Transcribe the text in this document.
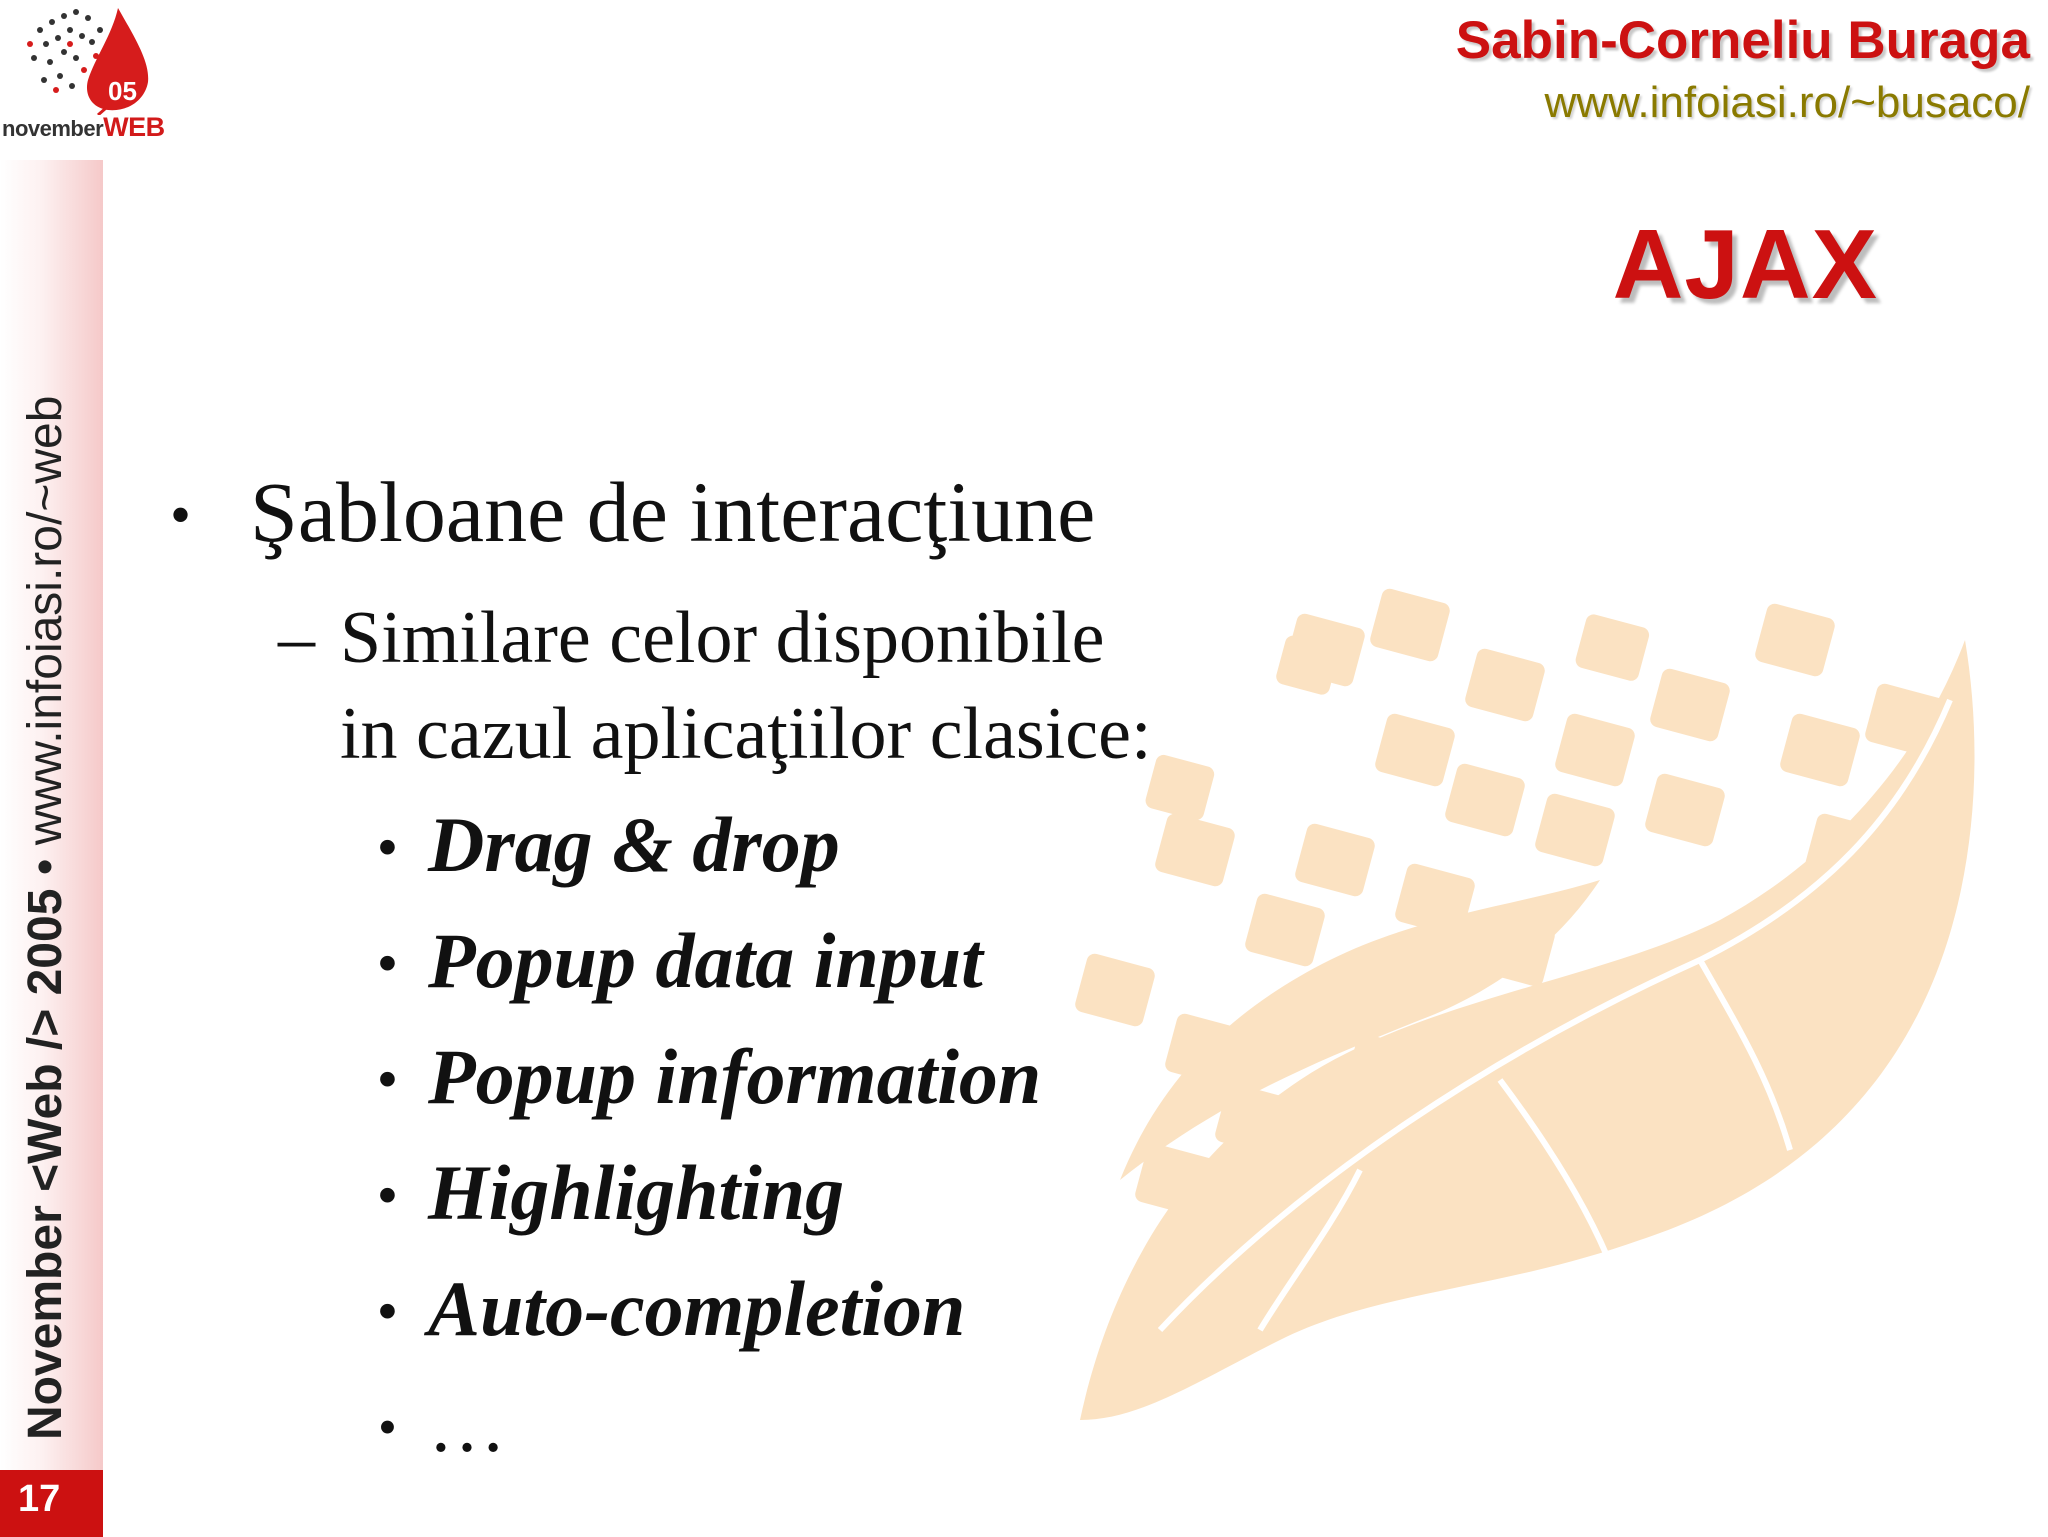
05
novemberWEB
Sabin-Corneliu Buraga
www.infoiasi.ro/~busaco/
AJAX
November <Web /> 2005 • www.infoiasi.ro/~web
17
• Şabloane de interacţiune
– Similare celor disponibile
in cazul aplicaţiilor clasice:
• Drag & drop
• Popup data input
• Popup information
• Highlighting
• Auto-completion
• …
